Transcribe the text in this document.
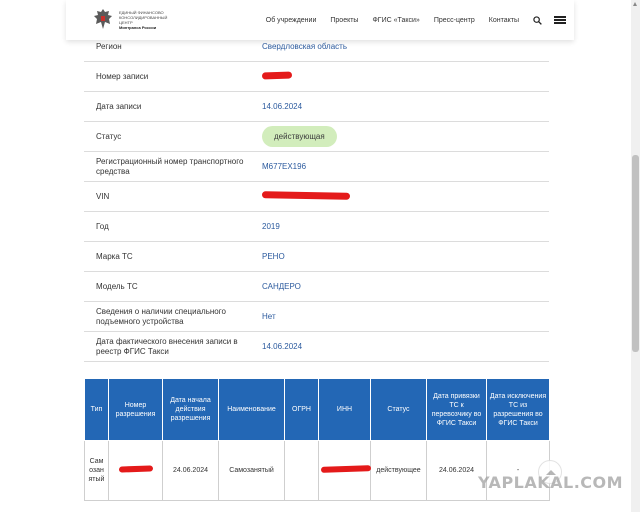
ЕДИНЫЙ ФИНАНСОВО
КОНСОЛИДИРОВАННЫЙ
ЦЕНТР
Минтранса России
Об учреждении Проекты ФГИС «Такси» Пресс-центр Контакты
Регион	Свердловская область
Номер записи
Дата записи	14.06.2024
Статус	действующая
Регистрационный номер транспортного средства	М677ЕХ196
VIN
Год	2019
Марка ТС	РЕНО
Модель ТС	САНДЕРО
Сведения о наличии специального подъемного устройства	Нет
Дата фактического внесения записи в реестр ФГИС Такси	14.06.2024
Тип	Номер разрешения	Дата начала действия разрешения	Наименование	ОГРН	ИНН	Статус	Дата привязки ТС к перевозчику во ФГИС Такси	Дата исключения ТС из разрешения во ФГИС Такси
Сам озан ятый		24.06.2024	Самозанятый			действующее	24.06.2024	-
YAPLAKAL.COM
